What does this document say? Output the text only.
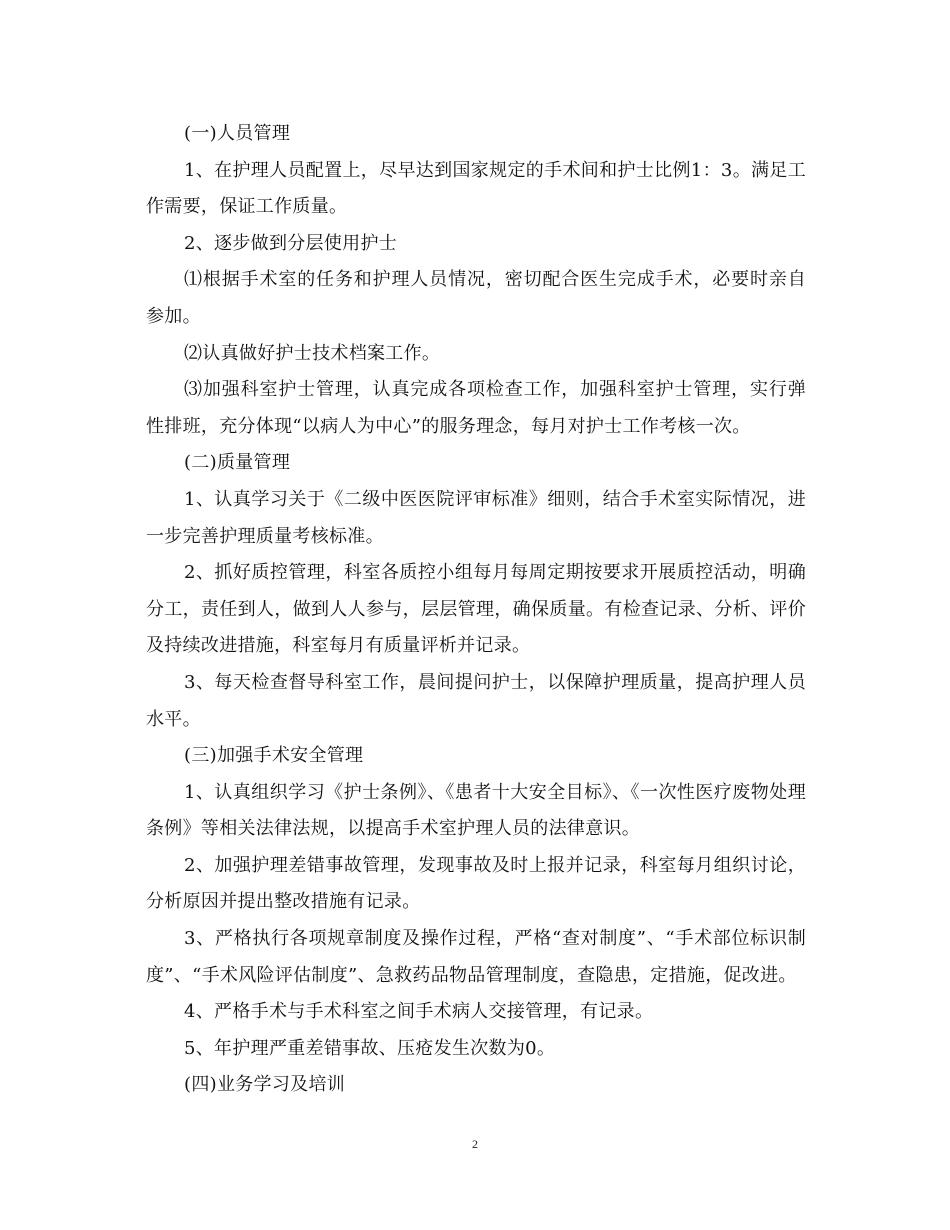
(一)人员管理

1、在护理人员配置上，尽早达到国家规定的手术间和护士比例1：3。满足工作需要，保证工作质量。

2、逐步做到分层使用护士

⑴根据手术室的任务和护理人员情况，密切配合医生完成手术，必要时亲自参加。

⑵认真做好护士技术档案工作。

⑶加强科室护士管理，认真完成各项检查工作，加强科室护士管理，实行弹性排班，充分体现“以病人为中心”的服务理念，每月对护士工作考核一次。

(二)质量管理

1、认真学习关于《二级中医医院评审标准》细则，结合手术室实际情况，进一步完善护理质量考核标准。

2、抓好质控管理，科室各质控小组每月每周定期按要求开展质控活动，明确分工，责任到人，做到人人参与，层层管理，确保质量。有检查记录、分析、评价及持续改进措施，科室每月有质量评析并记录。

3、每天检查督导科室工作，晨间提问护士，以保障护理质量，提高护理人员水平。

(三)加强手术安全管理

1、认真组织学习《护士条例》、《患者十大安全目标》、《一次性医疗废物处理条例》等相关法律法规，以提高手术室护理人员的法律意识。

2、加强护理差错事故管理，发现事故及时上报并记录，科室每月组织讨论，分析原因并提出整改措施有记录。

3、严格执行各项规章制度及操作过程，严格“查对制度”、“手术部位标识制度”、“手术风险评估制度”、急救药品物品管理制度，查隐患，定措施，促改进。

4、严格手术与手术科室之间手术病人交接管理，有记录。

5、年护理严重差错事故、压疮发生次数为0。

(四)业务学习及培训

2
